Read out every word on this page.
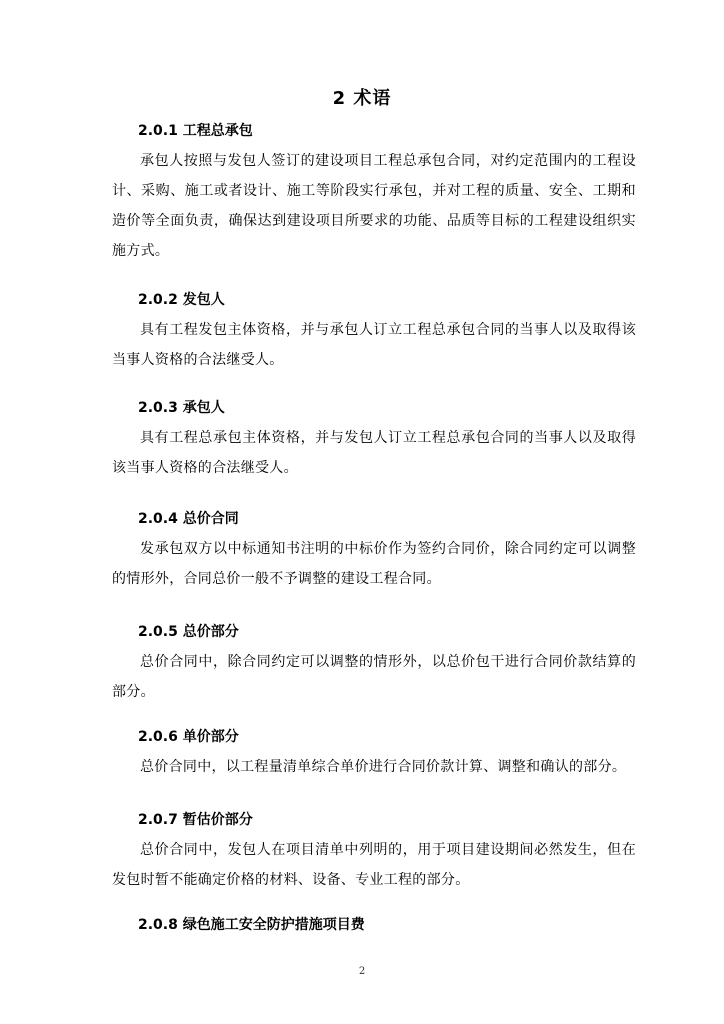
2 术语
2.0.1 工程总承包

承包人按照与发包人签订的建设项目工程总承包合同，对约定范围内的工程设计、采购、施工或者设计、施工等阶段实行承包，并对工程的质量、安全、工期和造价等全面负责，确保达到建设项目所要求的功能、品质等目标的工程建设组织实施方式。

2.0.2 发包人

具有工程发包主体资格，并与承包人订立工程总承包合同的当事人以及取得该当事人资格的合法继受人。

2.0.3 承包人

具有工程总承包主体资格，并与发包人订立工程总承包合同的当事人以及取得该当事人资格的合法继受人。

2.0.4 总价合同

发承包双方以中标通知书注明的中标价作为签约合同价，除合同约定可以调整的情形外，合同总价一般不予调整的建设工程合同。

2.0.5 总价部分

总价合同中，除合同约定可以调整的情形外，以总价包干进行合同价款结算的部分。

2.0.6 单价部分

总价合同中，以工程量清单综合单价进行合同价款计算、调整和确认的部分。

2.0.7 暂估价部分

总价合同中，发包人在项目清单中列明的，用于项目建设期间必然发生，但在发包时暂不能确定价格的材料、设备、专业工程的部分。

2.0.8 绿色施工安全防护措施项目费
2
